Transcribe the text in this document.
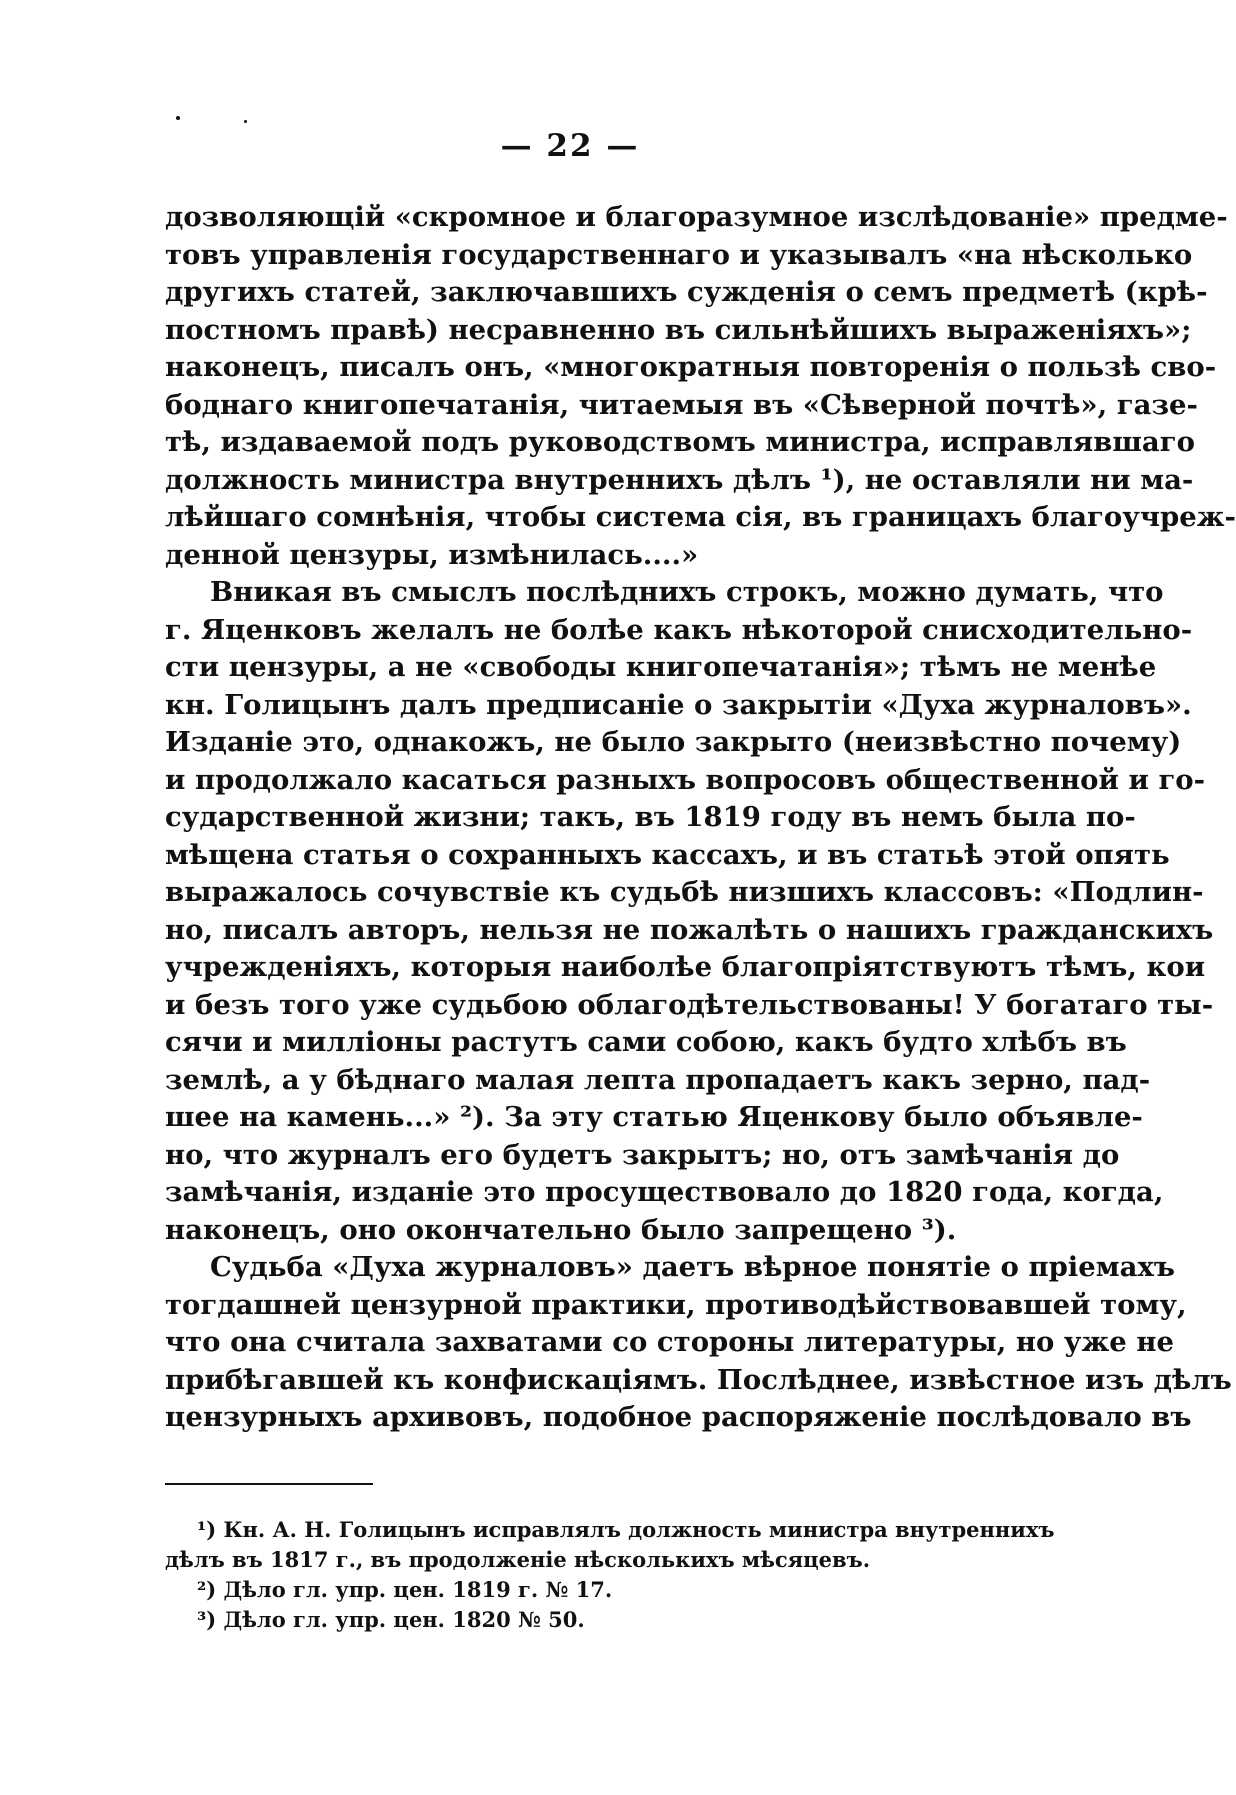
— 22 —
дозволяющій «скромное и благоразумное изслѣдованіе» предме-
товъ управленія государственнаго и указывалъ «на нѣсколько
другихъ статей, заключавшихъ сужденія о семъ предметѣ (крѣ-
постномъ правѣ) несравненно въ сильнѣйшихъ выраженіяхъ»;
наконецъ, писалъ онъ, «многократныя повторенія о пользѣ сво-
боднаго книгопечатанія, читаемыя въ «Сѣверной почтѣ», газе-
тѣ, издаваемой подъ руководствомъ министра, исправлявшаго
должность министра внутреннихъ дѣлъ ¹), не оставляли ни ма-
лѣйшаго сомнѣнія, чтобы система сія, въ границахъ благоучреж-
денной цензуры, измѣнилась....»
Вникая въ смыслъ послѣднихъ строкъ, можно думать, что
г. Яценковъ желалъ не болѣе какъ нѣкоторой снисходительно-
сти цензуры, а не «свободы книгопечатанія»; тѣмъ не менѣе
кн. Голицынъ далъ предписаніе о закрытіи «Духа журналовъ».
Изданіе это, однакожъ, не было закрыто (неизвѣстно почему)
и продолжало касаться разныхъ вопросовъ общественной и го-
сударственной жизни; такъ, въ 1819 году въ немъ была по-
мѣщена статья о сохранныхъ кассахъ, и въ статьѣ этой опять
выражалось сочувствіе къ судьбѣ низшихъ классовъ: «Подлин-
но, писалъ авторъ, нельзя не пожалѣть о нашихъ гражданскихъ
учрежденіяхъ, которыя наиболѣе благопріятствуютъ тѣмъ, кои
и безъ того уже судьбою облагодѣтельствованы! У богатаго ты-
сячи и милліоны растутъ сами собою, какъ будто хлѣбъ въ
землѣ, а у бѣднаго малая лепта пропадаетъ какъ зерно, пад-
шее на камень...» ²). За эту статью Яценкову было объявле-
но, что журналъ его будетъ закрытъ; но, отъ замѣчанія до
замѣчанія, изданіе это просуществовало до 1820 года, когда,
наконецъ, оно окончательно было запрещено ³).
Судьба «Духа журналовъ» даетъ вѣрное понятіе о пріемахъ
тогдашней цензурной практики, противодѣйствовавшей тому,
что она считала захватами со стороны литературы, но уже не
прибѣгавшей къ конфискаціямъ. Послѣднее, извѣстное изъ дѣлъ
цензурныхъ архивовъ, подобное распоряженіе послѣдовало въ
¹) Кн. А. Н. Голицынъ исправлялъ должность министра внутреннихъ
дѣлъ въ 1817 г., въ продолженіе нѣсколькихъ мѣсяцевъ.
²) Дѣло гл. упр. цен. 1819 г. № 17.
³) Дѣло гл. упр. цен. 1820 № 50.
